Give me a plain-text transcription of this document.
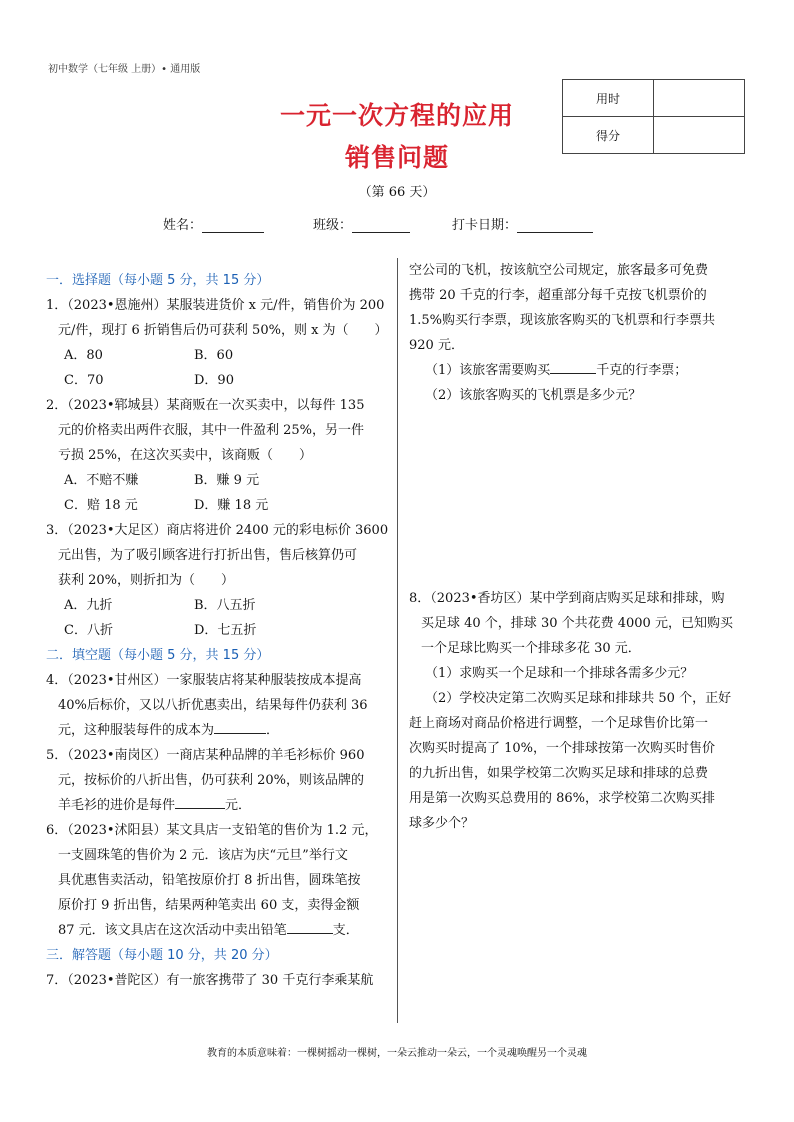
初中数学（七年级 上册）• 通用版
一元一次方程的应用
销售问题
（第 66 天）
用时	
得分	
姓名：	班级：	打卡日期：
一．选择题（每小题 5 分，共 15 分）
1．（2023•恩施州）某服装进货价 x 元/件，销售价为 200
元/件，现打 6 折销售后仍可获利 50%，则 x 为（　　）
A．80	B．60
C．70	D．90
2．（2023•郓城县）某商贩在一次买卖中，以每件 135
元的价格卖出两件衣服，其中一件盈利 25%，另一件
亏损 25%，在这次买卖中，该商贩（　　）
A．不赔不赚	B．赚 9 元
C．赔 18 元	D．赚 18 元
3．（2023•大足区）商店将进价 2400 元的彩电标价 3600
元出售，为了吸引顾客进行打折出售，售后核算仍可
获利 20%，则折扣为（　　）
A．九折	B．八五折
C．八折	D．七五折
二．填空题（每小题 5 分，共 15 分）
4．（2023•甘州区）一家服装店将某种服装按成本提高
40%后标价，又以八折优惠卖出，结果每件仍获利 36
元，这种服装每件的成本为	．
5．（2023•南岗区）一商店某种品牌的羊毛衫标价 960
元，按标价的八折出售，仍可获利 20%，则该品牌的
羊毛衫的进价是每件	元．
6．（2023•沭阳县）某文具店一支铅笔的售价为 1.2 元，
一支圆珠笔的售价为 2 元．该店为庆“元旦”举行文
具优惠售卖活动，铅笔按原价打 8 折出售，圆珠笔按
原价打 9 折出售，结果两种笔卖出 60 支，卖得金额
87 元．该文具店在这次活动中卖出铅笔	支．
三．解答题（每小题 10 分，共 20 分）
7．（2023•普陀区）有一旅客携带了 30 千克行李乘某航
空公司的飞机，按该航空公司规定，旅客最多可免费
携带 20 千克的行李，超重部分每千克按飞机票价的
1.5%购买行李票，现该旅客购买的飞机票和行李票共
920 元．
（1）该旅客需要购买	千克的行李票；
（2）该旅客购买的飞机票是多少元？
8．（2023•香坊区）某中学到商店购买足球和排球，购
买足球 40 个，排球 30 个共花费 4000 元，已知购买
一个足球比购买一个排球多花 30 元．
（1）求购买一个足球和一个排球各需多少元？
（2）学校决定第二次购买足球和排球共 50 个，正好
赶上商场对商品价格进行调整，一个足球售价比第一
次购买时提高了 10%，一个排球按第一次购买时售价
的九折出售，如果学校第二次购买足球和排球的总费
用是第一次购买总费用的 86%，求学校第二次购买排
球多少个？
教育的本质意味着：一棵树摇动一棵树，一朵云推动一朵云，一个灵魂唤醒另一个灵魂
